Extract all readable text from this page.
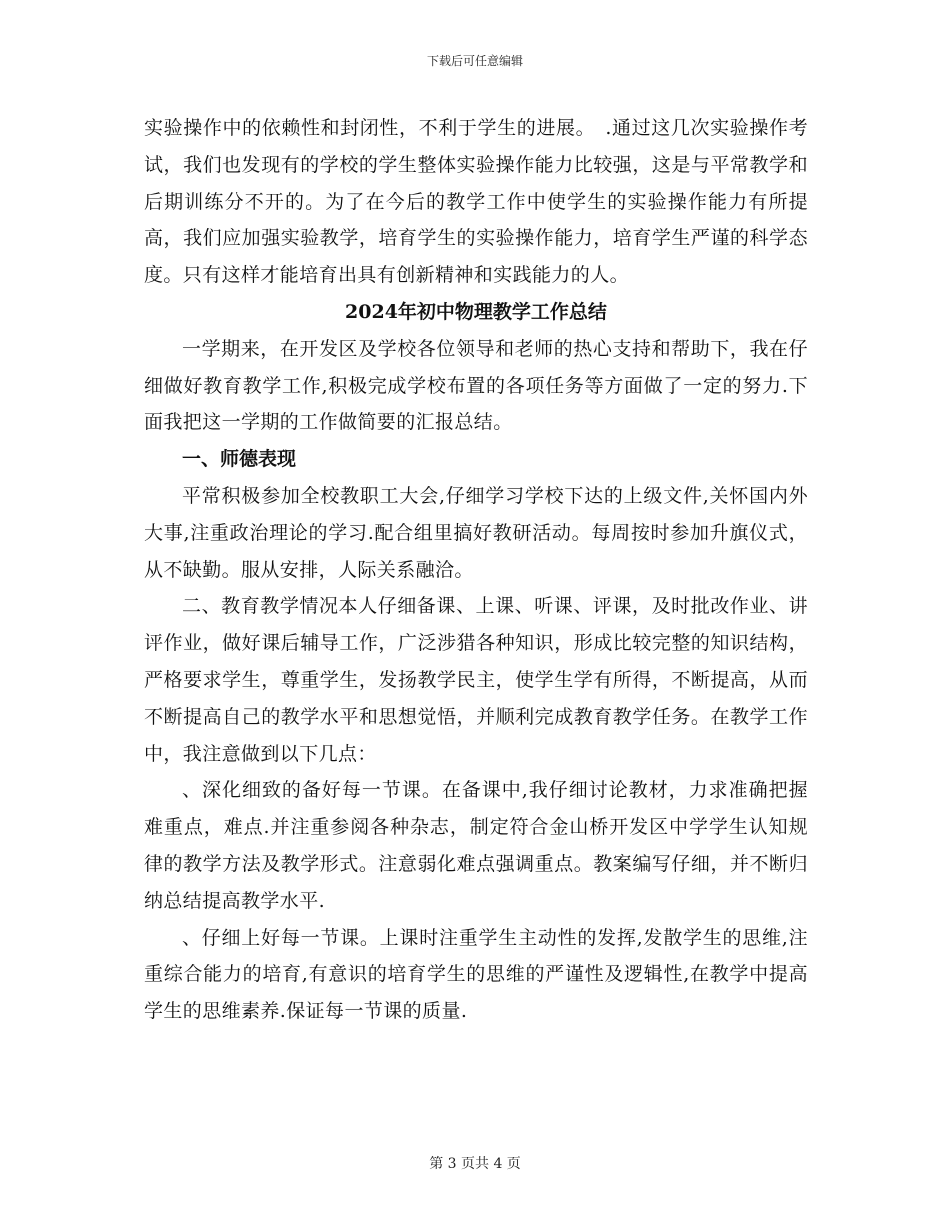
下载后可任意编辑

实验操作中的依赖性和封闭性，不利于学生的进展。　.通过这几次实验操作考试，我们也发现有的学校的学生整体实验操作能力比较强，这是与平常教学和后期训练分不开的。为了在今后的教学工作中使学生的实验操作能力有所提高，我们应加强实验教学，培育学生的实验操作能力，培育学生严谨的科学态度。只有这样才能培育出具有创新精神和实践能力的人。

2024年初中物理教学工作总结

一学期来，在开发区及学校各位领导和老师的热心支持和帮助下，我在仔细做好教育教学工作,积极完成学校布置的各项任务等方面做了一定的努力.下面我把这一学期的工作做简要的汇报总结。

一、师德表现

平常积极参加全校教职工大会,仔细学习学校下达的上级文件,关怀国内外大事,注重政治理论的学习.配合组里搞好教研活动。每周按时参加升旗仪式，从不缺勤。服从安排，人际关系融洽。

二、教育教学情况本人仔细备课、上课、听课、评课，及时批改作业、讲评作业，做好课后辅导工作，广泛涉猎各种知识，形成比较完整的知识结构，严格要求学生，尊重学生，发扬教学民主，使学生学有所得，不断提高，从而不断提高自己的教学水平和思想觉悟，并顺利完成教育教学任务。在教学工作中，我注意做到以下几点：

、深化细致的备好每一节课。在备课中,我仔细讨论教材，力求准确把握难重点，难点.并注重参阅各种杂志，制定符合金山桥开发区中学学生认知规律的教学方法及教学形式。注意弱化难点强调重点。教案编写仔细，并不断归纳总结提高教学水平.

、仔细上好每一节课。上课时注重学生主动性的发挥,发散学生的思维,注重综合能力的培育,有意识的培育学生的思维的严谨性及逻辑性,在教学中提高学生的思维素养.保证每一节课的质量.

第 3 页共 4 页
